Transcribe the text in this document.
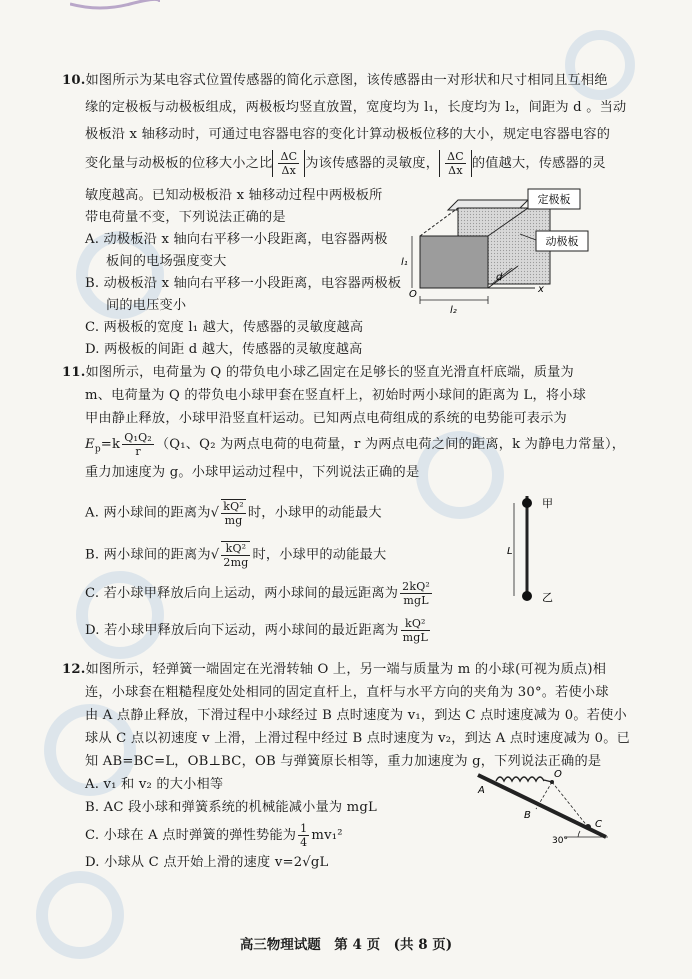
10.如图所示为某电容式位置传感器的简化示意图，该传感器由一对形状和尺寸相同且互相绝
缘的定极板与动极板组成，两极板均竖直放置，宽度均为 l₁，长度均为 l₂，间距为 d 。当动
极板沿 x 轴移动时，可通过电容器电容的变化计算动极板位移的大小，规定电容器电容的
变化量与动极板的位移大小之比 $\frac{\Delta C}{\Delta x}$ 为该传感器的灵敏度， $\frac{\Delta C}{\Delta x}$ 的值越大，传感器的灵
敏度越高。已知动极板沿 x 轴移动过程中两极板所
带电荷量不变，下列说法正确的是
A. 动极板沿 x 轴向右平移一小段距离，电容器两极
板间的电场强度变大
B. 动极板沿 x 轴向右平移一小段距离，电容器两极板
间的电压变小
C. 两极板的宽度 l₁ 越大，传感器的灵敏度越高
D. 两极板的间距 d 越大，传感器的灵敏度越高
定极板
动极板
x
O
l₁
l₂
d
11.如图所示，电荷量为 Q 的带负电小球乙固定在足够长的竖直光滑直杆底端，质量为
m、电荷量为 Q 的带负电小球甲套在竖直杆上，初始时两小球间的距离为 L，将小球
甲由静止释放，小球甲沿竖直杆运动。已知两点电荷组成的系统的电势能可表示为
$E_p=k \frac{\text{Q₁Q₂}}{r} (Q_1$、Q₂ 为两点电荷的电荷量，r 为两点电荷之间的距离，k 为静电力常量），
重力加速度为 g。小球甲运动过程中，下列说法正确的是
A. 两小球间的距离为√ $\frac{\text{kQ²}}{mg}$ 时，小球甲的动能最大
B. 两小球间的距离为√ $\frac{\text{kQ²}}{2mg}$ 时，小球甲的动能最大
C. 若小球甲释放后向上运动，两小球间的最远距离为 $\frac{\text{2kQ²}}{\text{mgL}}$
D. 若小球甲释放后向下运动，两小球间的最近距离为 $\frac{\text{kQ²}}{\text{mgL}}$
甲
乙
L
12.如图所示，轻弹簧一端固定在光滑转轴 O 上，另一端与质量为 m 的小球(可视为质点)相
连，小球套在粗糙程度处处相同的固定直杆上，直杆与水平方向的夹角为 30°。若使小球
由 A 点静止释放，下滑过程中小球经过 B 点时速度为 v₁，到达 C 点时速度减为 0。若使小
球从 C 点以初速度 v 上滑，上滑过程中经过 B 点时速度为 v₂，到达 A 点时速度减为 0。已
知 AB=BC=L，OB⊥BC，OB 与弹簧原长相等，重力加速度为 g，下列说法正确的是
A. v₁ 和 v₂ 的大小相等
B. AC 段小球和弹簧系统的机械能减小量为 mgL
C. 小球在 A 点时弹簧的弹性势能为 $\frac{1}{4} mv_1^2$
D. 小球从 C 点开始上滑的速度 v=2√gL
O
A
B
C
30°
高三物理试题　第 4 页　(共 8 页)
